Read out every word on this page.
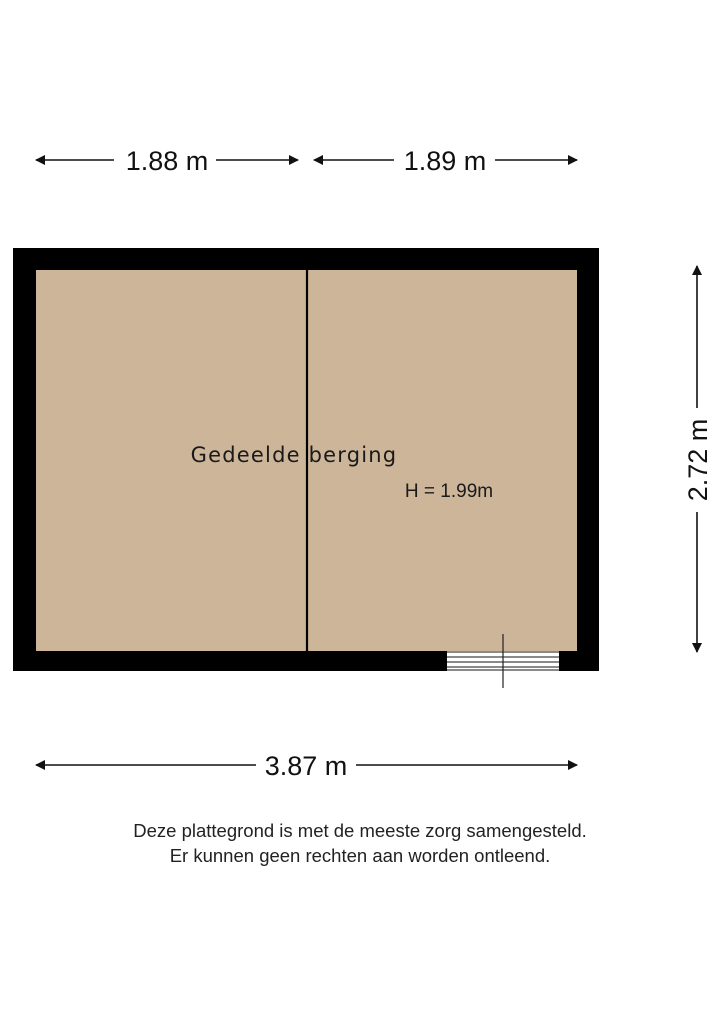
1.88 m	1.89 m
Gedeelde berging
H = 1.99m	2.72 m
3.87 m
Deze plattegrond is met de meeste zorg samengesteld.
Er kunnen geen rechten aan worden ontleend.
